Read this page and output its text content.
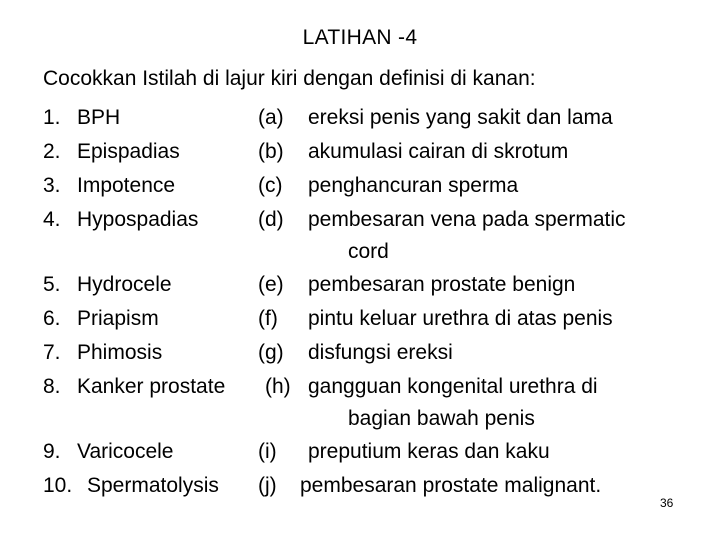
LATIHAN -4
Cocokkan Istilah di lajur kiri dengan definisi di kanan:
1. BPH	(a) ereksi penis yang sakit dan lama
2. Epispadias	(b) akumulasi cairan di skrotum
3. Impotence	(c) penghancuran sperma
4. Hypospadias	(d) pembesaran vena pada spermatic
cord
5. Hydrocele	(e) pembesaran prostate benign
6. Priapism	(f) pintu keluar urethra di atas penis
7. Phimosis	(g) disfungsi ereksi
8. Kanker prostate (h) gangguan kongenital urethra di
bagian bawah penis
9. Varicocele	(i) preputium keras dan kaku
10. Spermatolysis (j) pembesaran prostate malignant.
36
